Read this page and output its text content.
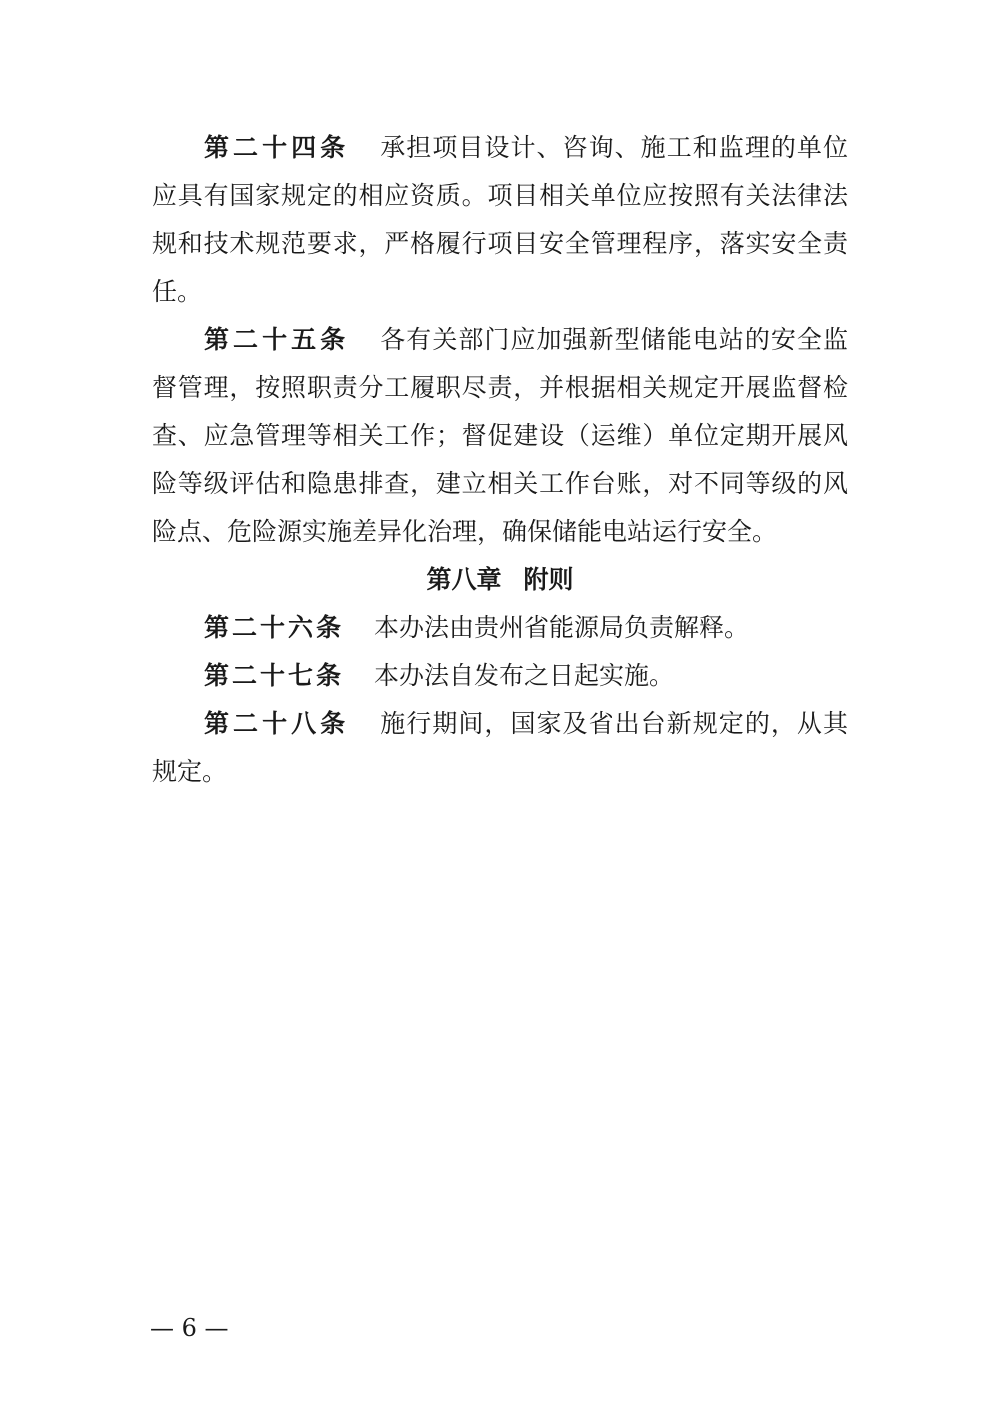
第二十四条 承担项目设计、咨询、施工和监理的单位应具有国家规定的相应资质。项目相关单位应按照有关法律法规和技术规范要求，严格履行项目安全管理程序，落实安全责任。

第二十五条 各有关部门应加强新型储能电站的安全监督管理，按照职责分工履职尽责，并根据相关规定开展监督检查、应急管理等相关工作；督促建设（运维）单位定期开展风险等级评估和隐患排查，建立相关工作台账，对不同等级的风险点、危险源实施差异化治理，确保储能电站运行安全。

第八章 附则

第二十六条 本办法由贵州省能源局负责解释。

第二十七条 本办法自发布之日起实施。

第二十八条 施行期间，国家及省出台新规定的，从其规定。

— 6 —
